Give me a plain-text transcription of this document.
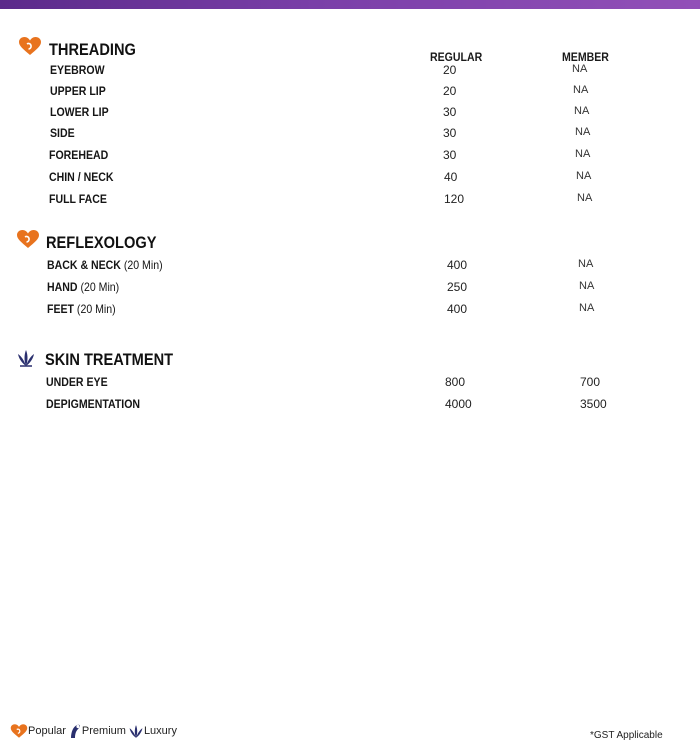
REGULAR	MEMBER
THREADING
EYEBROW	20	NA
UPPER LIP	20	NA
LOWER LIP	30	NA
SIDE	30	NA
FOREHEAD	30	NA
CHIN / NECK	40	NA
FULL FACE	120	NA
REFLEXOLOGY
BACK & NECK (20 Min)	400	NA
HAND (20 Min)	250	NA
FEET (20 Min)	400	NA
SKIN TREATMENT
UNDER EYE	800	700
DEPIGMENTATION	4000	3500
Popular Premium Luxury	*GST Applicable
